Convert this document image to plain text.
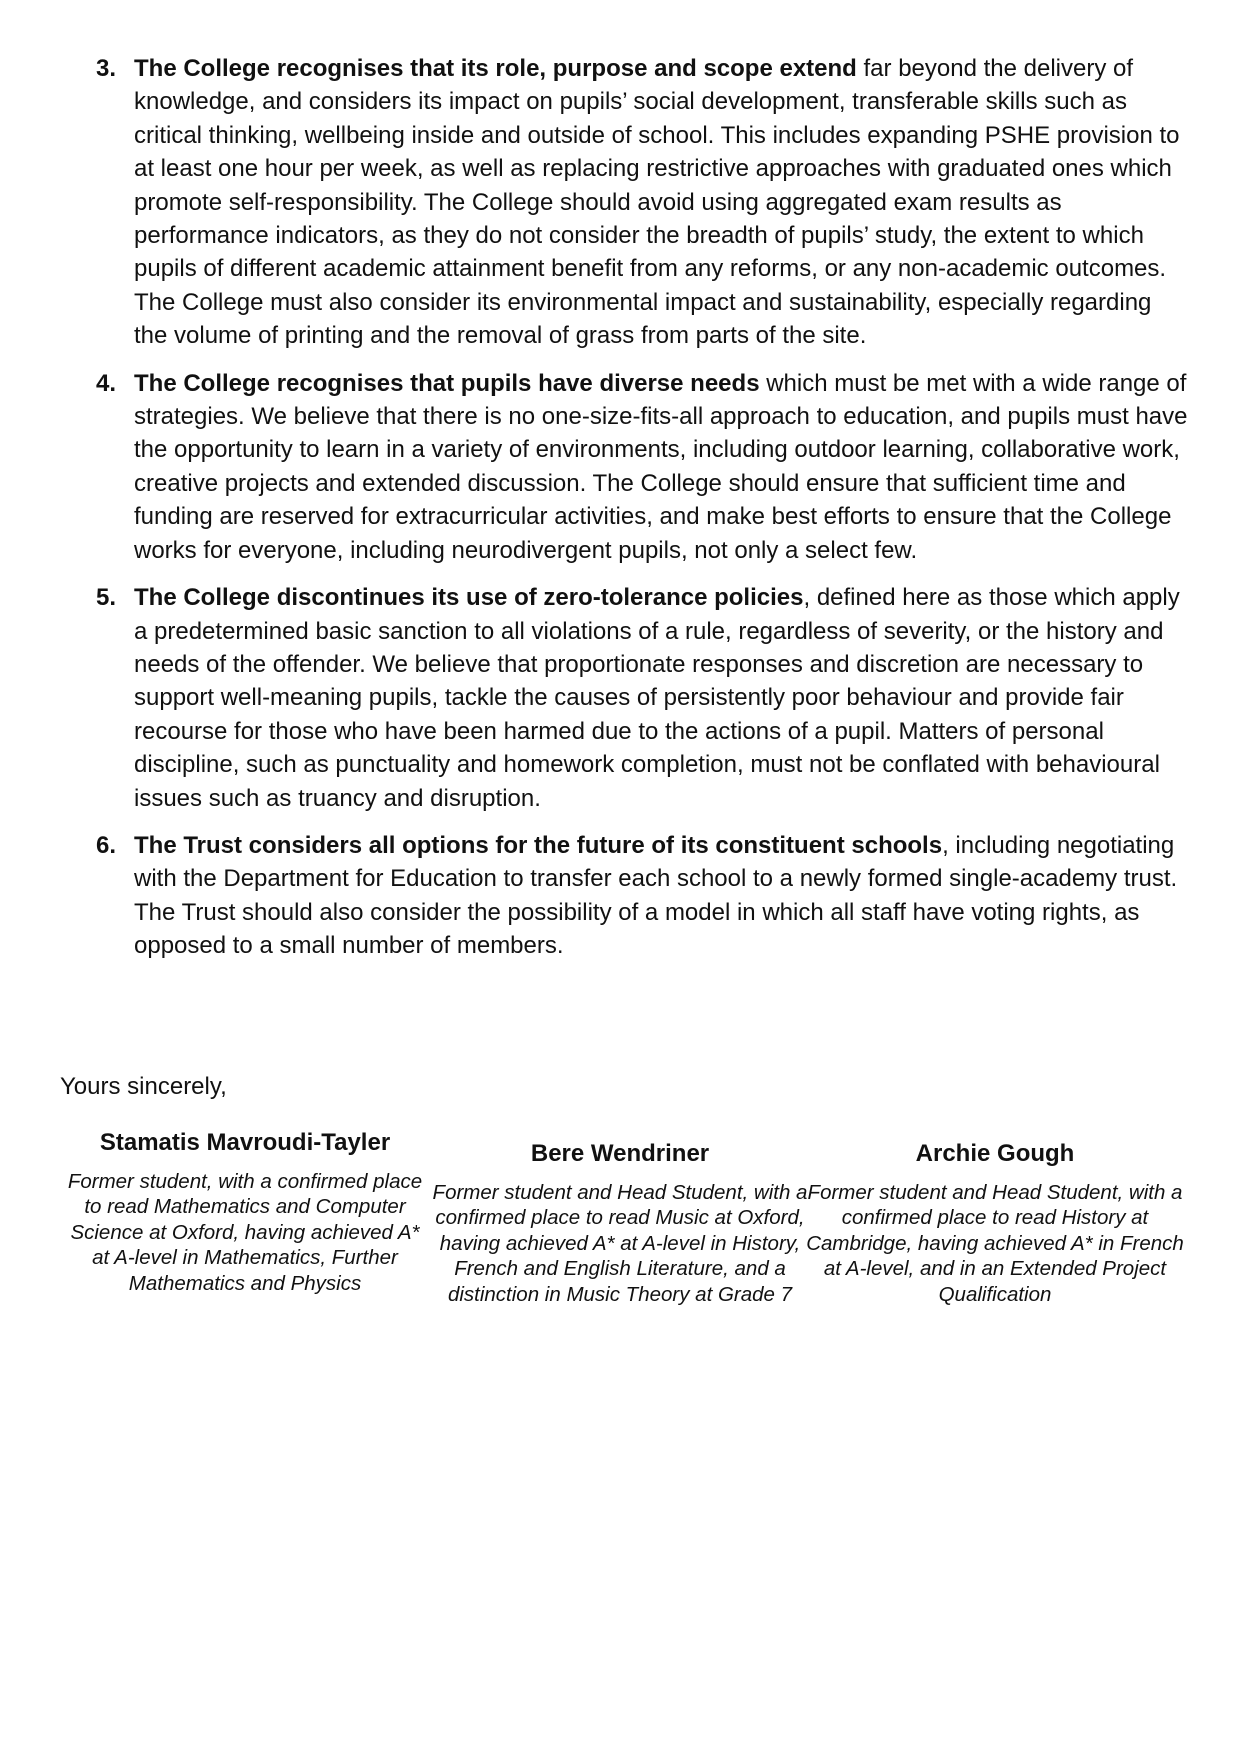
3. The College recognises that its role, purpose and scope extend far beyond the delivery of knowledge, and considers its impact on pupils’ social development, transferable skills such as critical thinking, wellbeing inside and outside of school. This includes expanding PSHE provision to at least one hour per week, as well as replacing restrictive approaches with graduated ones which promote self-responsibility. The College should avoid using aggregated exam results as performance indicators, as they do not consider the breadth of pupils’ study, the extent to which pupils of different academic attainment benefit from any reforms, or any non-academic outcomes. The College must also consider its environmental impact and sustainability, especially regarding the volume of printing and the removal of grass from parts of the site.
4. The College recognises that pupils have diverse needs which must be met with a wide range of strategies. We believe that there is no one-size-fits-all approach to education, and pupils must have the opportunity to learn in a variety of environments, including outdoor learning, collaborative work, creative projects and extended discussion. The College should ensure that sufficient time and funding are reserved for extracurricular activities, and make best efforts to ensure that the College works for everyone, including neurodivergent pupils, not only a select few.
5. The College discontinues its use of zero-tolerance policies, defined here as those which apply a predetermined basic sanction to all violations of a rule, regardless of severity, or the history and needs of the offender. We believe that proportionate responses and discretion are necessary to support well-meaning pupils, tackle the causes of persistently poor behaviour and provide fair recourse for those who have been harmed due to the actions of a pupil. Matters of personal discipline, such as punctuality and homework completion, must not be conflated with behavioural issues such as truancy and disruption.
6. The Trust considers all options for the future of its constituent schools, including negotiating with the Department for Education to transfer each school to a newly formed single-academy trust. The Trust should also consider the possibility of a model in which all staff have voting rights, as opposed to a small number of members.
Yours sincerely,
Stamatis Mavroudi-Tayler
Former student, with a confirmed place to read Mathematics and Computer Science at Oxford, having achieved A* at A-level in Mathematics, Further Mathematics and Physics
Bere Wendriner
Former student and Head Student, with a confirmed place to read Music at Oxford, having achieved A* at A-level in History, French and English Literature, and a distinction in Music Theory at Grade 7
Archie Gough
Former student and Head Student, with a confirmed place to read History at Cambridge, having achieved A* in French at A-level, and in an Extended Project Qualification
